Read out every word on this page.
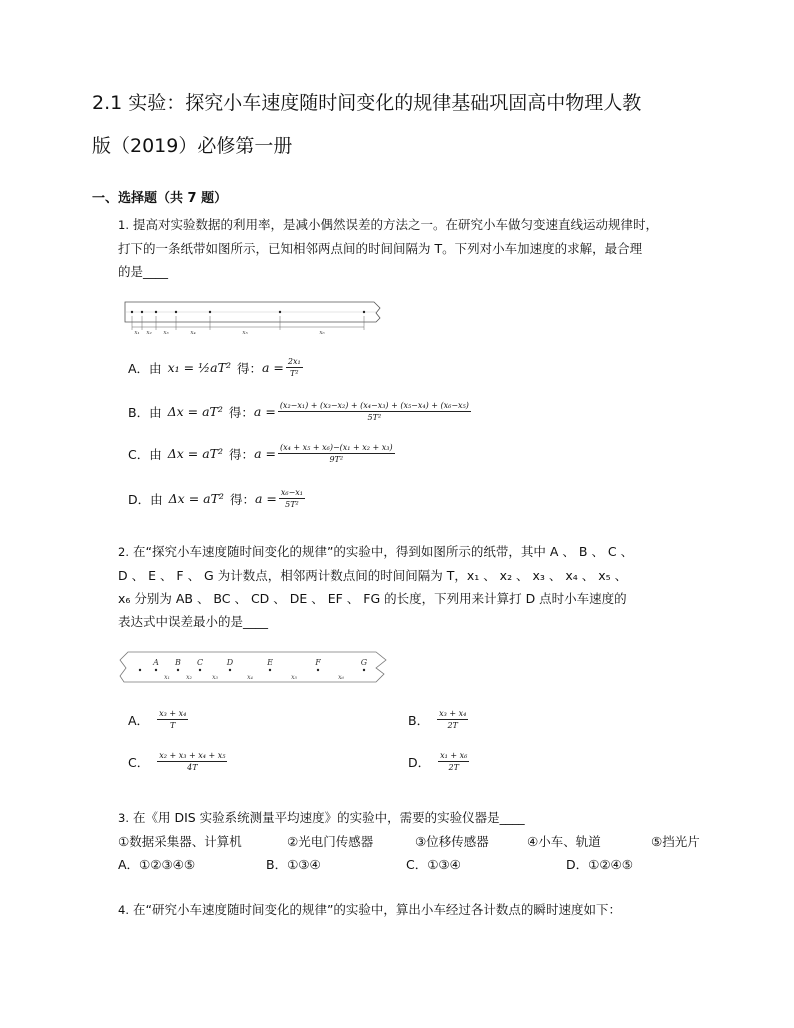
2.1 实验：探究小车速度随时间变化的规律基础巩固高中物理人教
版（2019）必修第一册
一、选择题（共 7 题）
1. 提高对实验数据的利用率，是减小偶然误差的方法之一。在研究小车做匀变速直线运动规律时，
打下的一条纸带如图所示，已知相邻两点间的时间间隔为 T。下列对小车加速度的求解，最合理
的是____
x₁ x₂ x₃	x₄	x₅	x₆
A．由 x₁ = ½aT² 得： $a = \frac{\text{2x₁}}{\text{T²}}$
B．由 Δx = aT² 得： $a = \frac{\text{(x₂−x₁) + (x₃−x₂) + (x₄−x₃) + (x₅−x₄) + (x₆−x₅)}}{\text{5T²}}$
C．由 Δx = aT² 得： $a = \frac{\text{(x₄ + x₅ + x₆)−(x₁ + x₂ + x₃)}}{\text{9T²}}$
D．由 Δx = aT² 得： $a = \frac{\text{x₆−x₁}}{\text{5T²}}$
2. 在“探究小车速度随时间变化的规律”的实验中，得到如图所示的纸带，其中 A 、 B 、 C 、
D 、 E 、 F 、 G 为计数点，相邻两计数点间的时间间隔为 T，x₁ 、 x₂ 、 x₃ 、 x₄ 、 x₅ 、
x₆ 分别为 AB 、 BC 、 CD 、 DE 、 EF 、 FG 的长度，下列用来计算打 D 点时小车速度的
表达式中误差最小的是____
A B C	D	E	F	G
x₁	x₂	x₃	x₄	x₅	x₆
A． $\frac{\text{x₃ + x₄}}{T}$	B． $\frac{\text{x₃ + x₄}}{2T}$
C． $\frac{\text{x₂ + x₃ + x₄ + x₅}}{4T}$	D． $\frac{\text{x₁ + x₆}}{2T}$
3. 在《用 DIS 实验系统测量平均速度》的实验中，需要的实验仪器是____
①数据采集器、计算机	②光电门传感器	③位移传感器	④小车、轨道	⑤挡光片
A．①②③④⑤	B．①③④	C．①③④	D．①②④⑤
4. 在“研究小车速度随时间变化的规律”的实验中，算出小车经过各计数点的瞬时速度如下：
